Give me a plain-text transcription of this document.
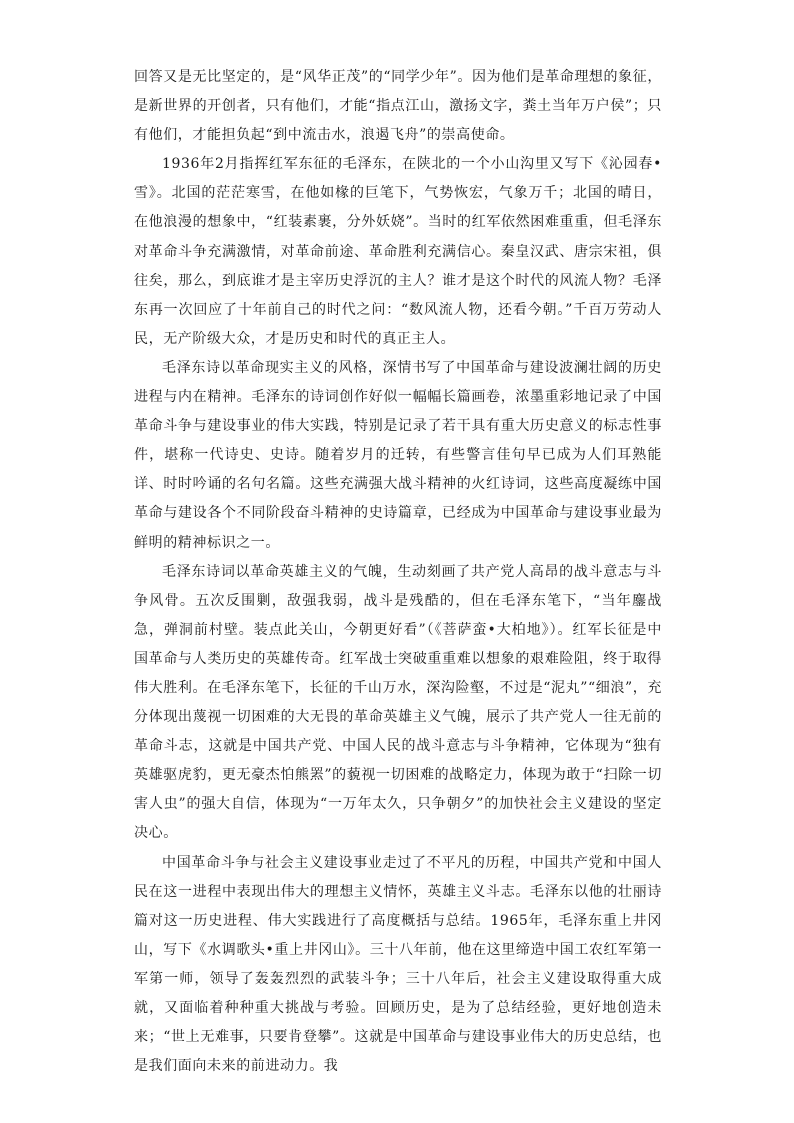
回答又是无比坚定的，是“风华正茂”的“同学少年”。因为他们是革命理想的象征，是新世界的开创者，只有他们，才能“指点江山，激扬文字，粪土当年万户侯”；只有他们，才能担负起“到中流击水，浪遏飞舟”的崇高使命。

1936年2月指挥红军东征的毛泽东，在陕北的一个小山沟里又写下《沁园春•雪》。北国的茫茫寒雪，在他如椽的巨笔下，气势恢宏，气象万千；北国的晴日，在他浪漫的想象中，“红装素裹，分外妖娆”。当时的红军依然困难重重，但毛泽东对革命斗争充满激情，对革命前途、革命胜利充满信心。秦皇汉武、唐宗宋祖，俱往矣，那么，到底谁才是主宰历史浮沉的主人？谁才是这个时代的风流人物？毛泽东再一次回应了十年前自己的时代之问：“数风流人物，还看今朝。”千百万劳动人民，无产阶级大众，才是历史和时代的真正主人。

毛泽东诗以革命现实主义的风格，深情书写了中国革命与建设波澜壮阔的历史进程与内在精神。毛泽东的诗词创作好似一幅幅长篇画卷，浓墨重彩地记录了中国革命斗争与建设事业的伟大实践，特别是记录了若干具有重大历史意义的标志性事件，堪称一代诗史、史诗。随着岁月的迁转，有些警言佳句早已成为人们耳熟能详、时时吟诵的名句名篇。这些充满强大战斗精神的火红诗词，这些高度凝练中国革命与建设各个不同阶段奋斗精神的史诗篇章，已经成为中国革命与建设事业最为鲜明的精神标识之一。

毛泽东诗词以革命英雄主义的气魄，生动刻画了共产党人高昂的战斗意志与斗争风骨。五次反围剿，敌强我弱，战斗是残酷的，但在毛泽东笔下，“当年鏖战急，弹洞前村壁。装点此关山，今朝更好看”（《菩萨蛮•大柏地》）。红军长征是中国革命与人类历史的英雄传奇。红军战士突破重重难以想象的艰难险阻，终于取得伟大胜利。在毛泽东笔下，长征的千山万水，深沟险壑，不过是“泥丸”“细浪”，充分体现出蔑视一切困难的大无畏的革命英雄主义气魄，展示了共产党人一往无前的革命斗志，这就是中国共产党、中国人民的战斗意志与斗争精神，它体现为“独有英雄驱虎豹，更无豪杰怕熊罴”的藐视一切困难的战略定力，体现为敢于“扫除一切害人虫”的强大自信，体现为“一万年太久，只争朝夕”的加快社会主义建设的坚定决心。

中国革命斗争与社会主义建设事业走过了不平凡的历程，中国共产党和中国人民在这一进程中表现出伟大的理想主义情怀，英雄主义斗志。毛泽东以他的壮丽诗篇对这一历史进程、伟大实践进行了高度概括与总结。1965年，毛泽东重上井冈山，写下《水调歌头•重上井冈山》。三十八年前，他在这里缔造中国工农红军第一军第一师，领导了轰轰烈烈的武装斗争；三十八年后，社会主义建设取得重大成就，又面临着种种重大挑战与考验。回顾历史，是为了总结经验，更好地创造未来；“世上无难事，只要肯登攀”。这就是中国革命与建设事业伟大的历史总结，也是我们面向未来的前进动力。我
